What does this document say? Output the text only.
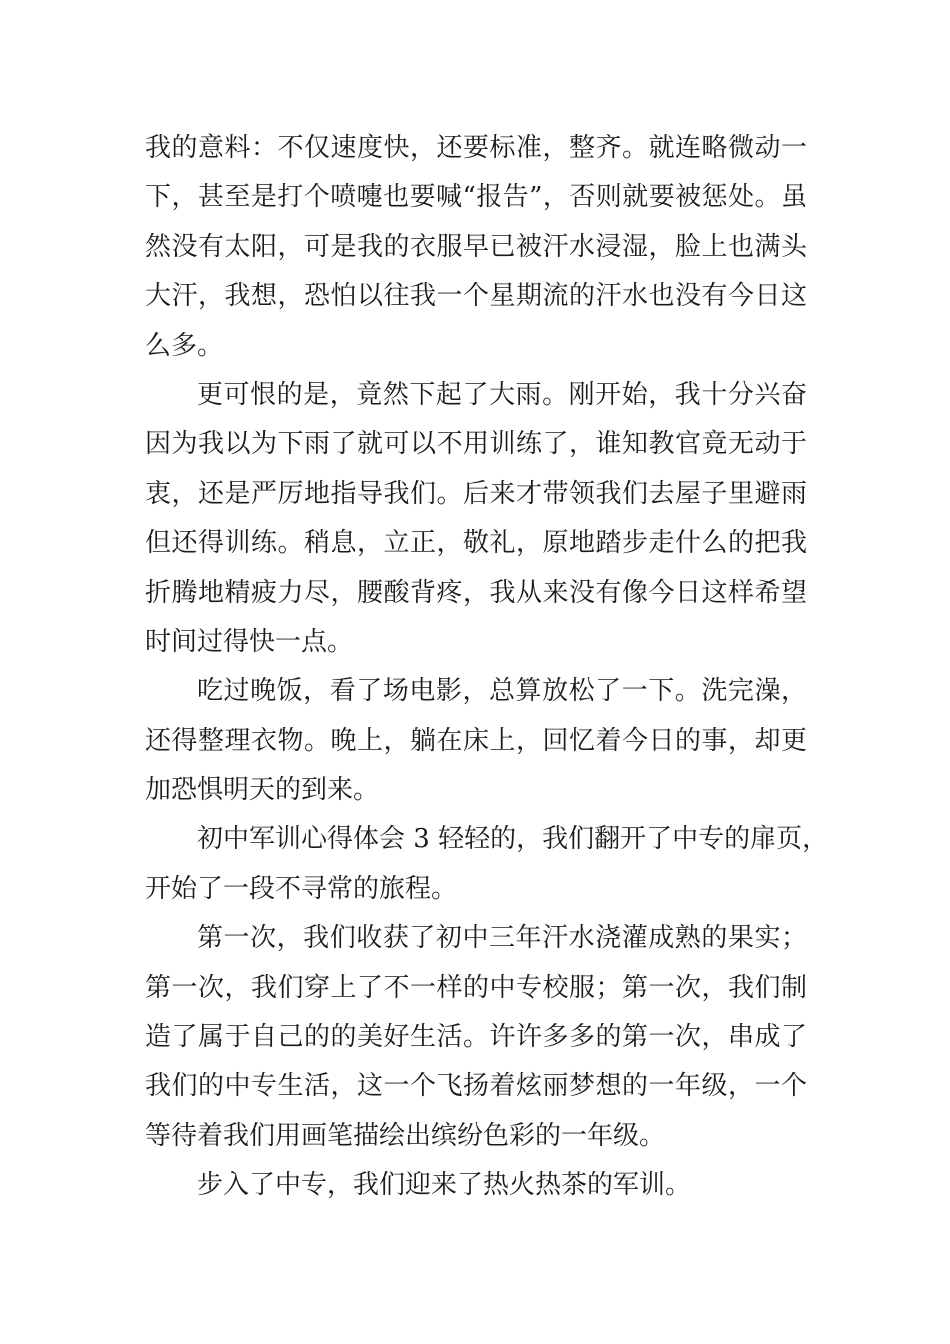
我的意料：不仅速度快，还要标准，整齐。就连略微动一
下，甚至是打个喷嚏也要喊“报告”，否则就要被惩处。虽
然没有太阳，可是我的衣服早已被汗水浸湿，脸上也满头
大汗，我想，恐怕以往我一个星期流的汗水也没有今日这
么多。
更可恨的是，竟然下起了大雨。刚开始，我十分兴奋
因为我以为下雨了就可以不用训练了，谁知教官竟无动于
衷，还是严厉地指导我们。后来才带领我们去屋子里避雨
但还得训练。稍息，立正，敬礼，原地踏步走什么的把我
折腾地精疲力尽，腰酸背疼，我从来没有像今日这样希望
时间过得快一点。
吃过晚饭，看了场电影，总算放松了一下。洗完澡，
还得整理衣物。晚上，躺在床上，回忆着今日的事，却更
加恐惧明天的到来。
初中军训心得体会 3 轻轻的，我们翻开了中专的扉页，
开始了一段不寻常的旅程。
第一次，我们收获了初中三年汗水浇灌成熟的果实；
第一次，我们穿上了不一样的中专校服；第一次，我们制
造了属于自己的的美好生活。许许多多的第一次，串成了
我们的中专生活，这一个飞扬着炫丽梦想的一年级，一个
等待着我们用画笔描绘出缤纷色彩的一年级。
步入了中专，我们迎来了热火热茶的军训。
